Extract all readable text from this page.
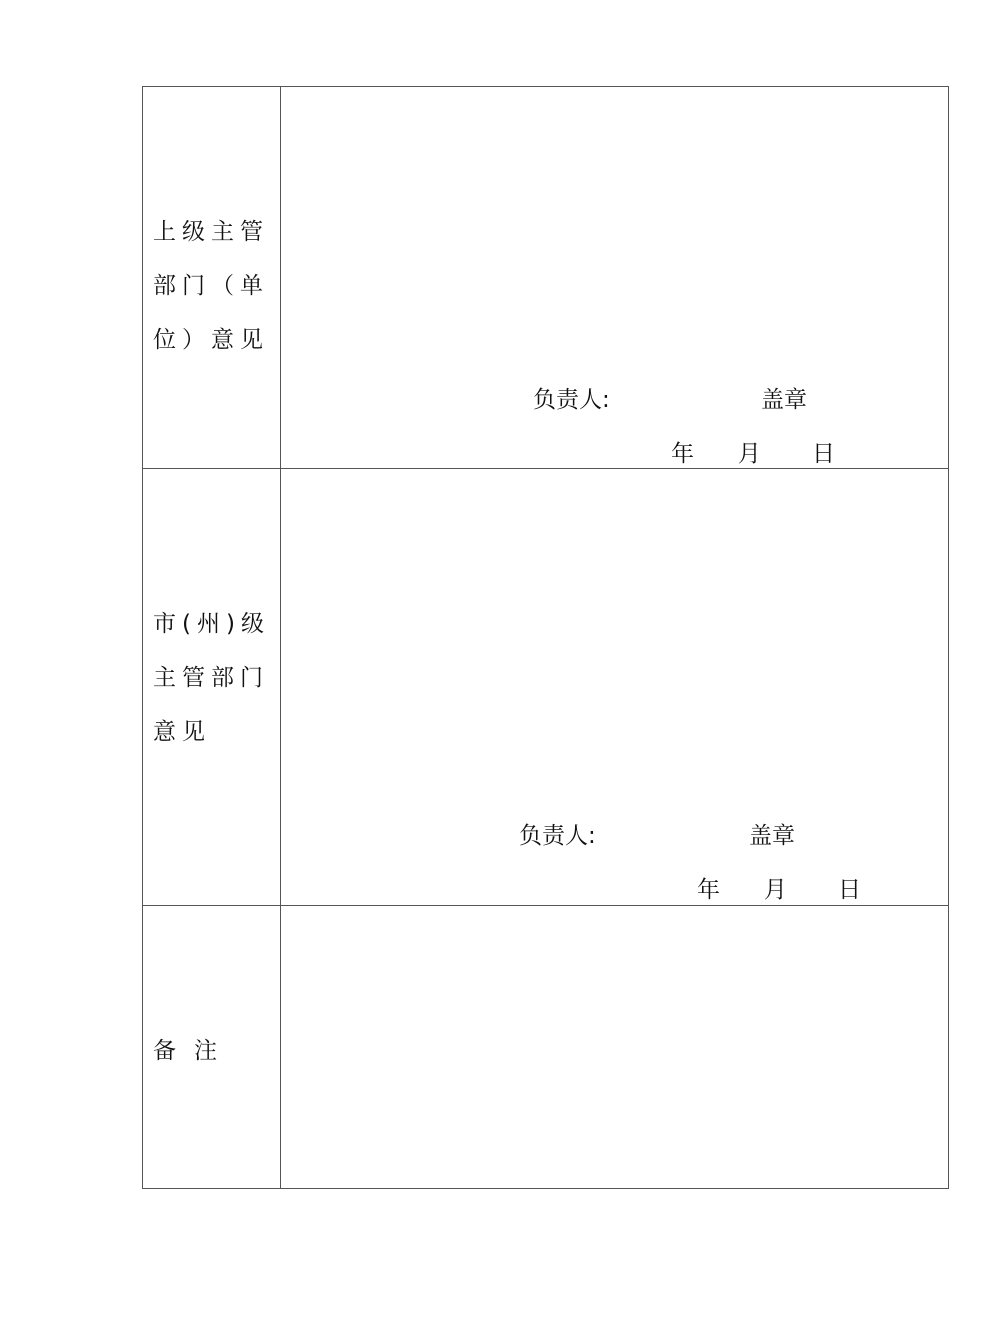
上级主管部门（单位）意见	负责人: 盖章
年      月       日

市(州)级主管部门意见	负责人: 盖章
年      月       日

备注	
